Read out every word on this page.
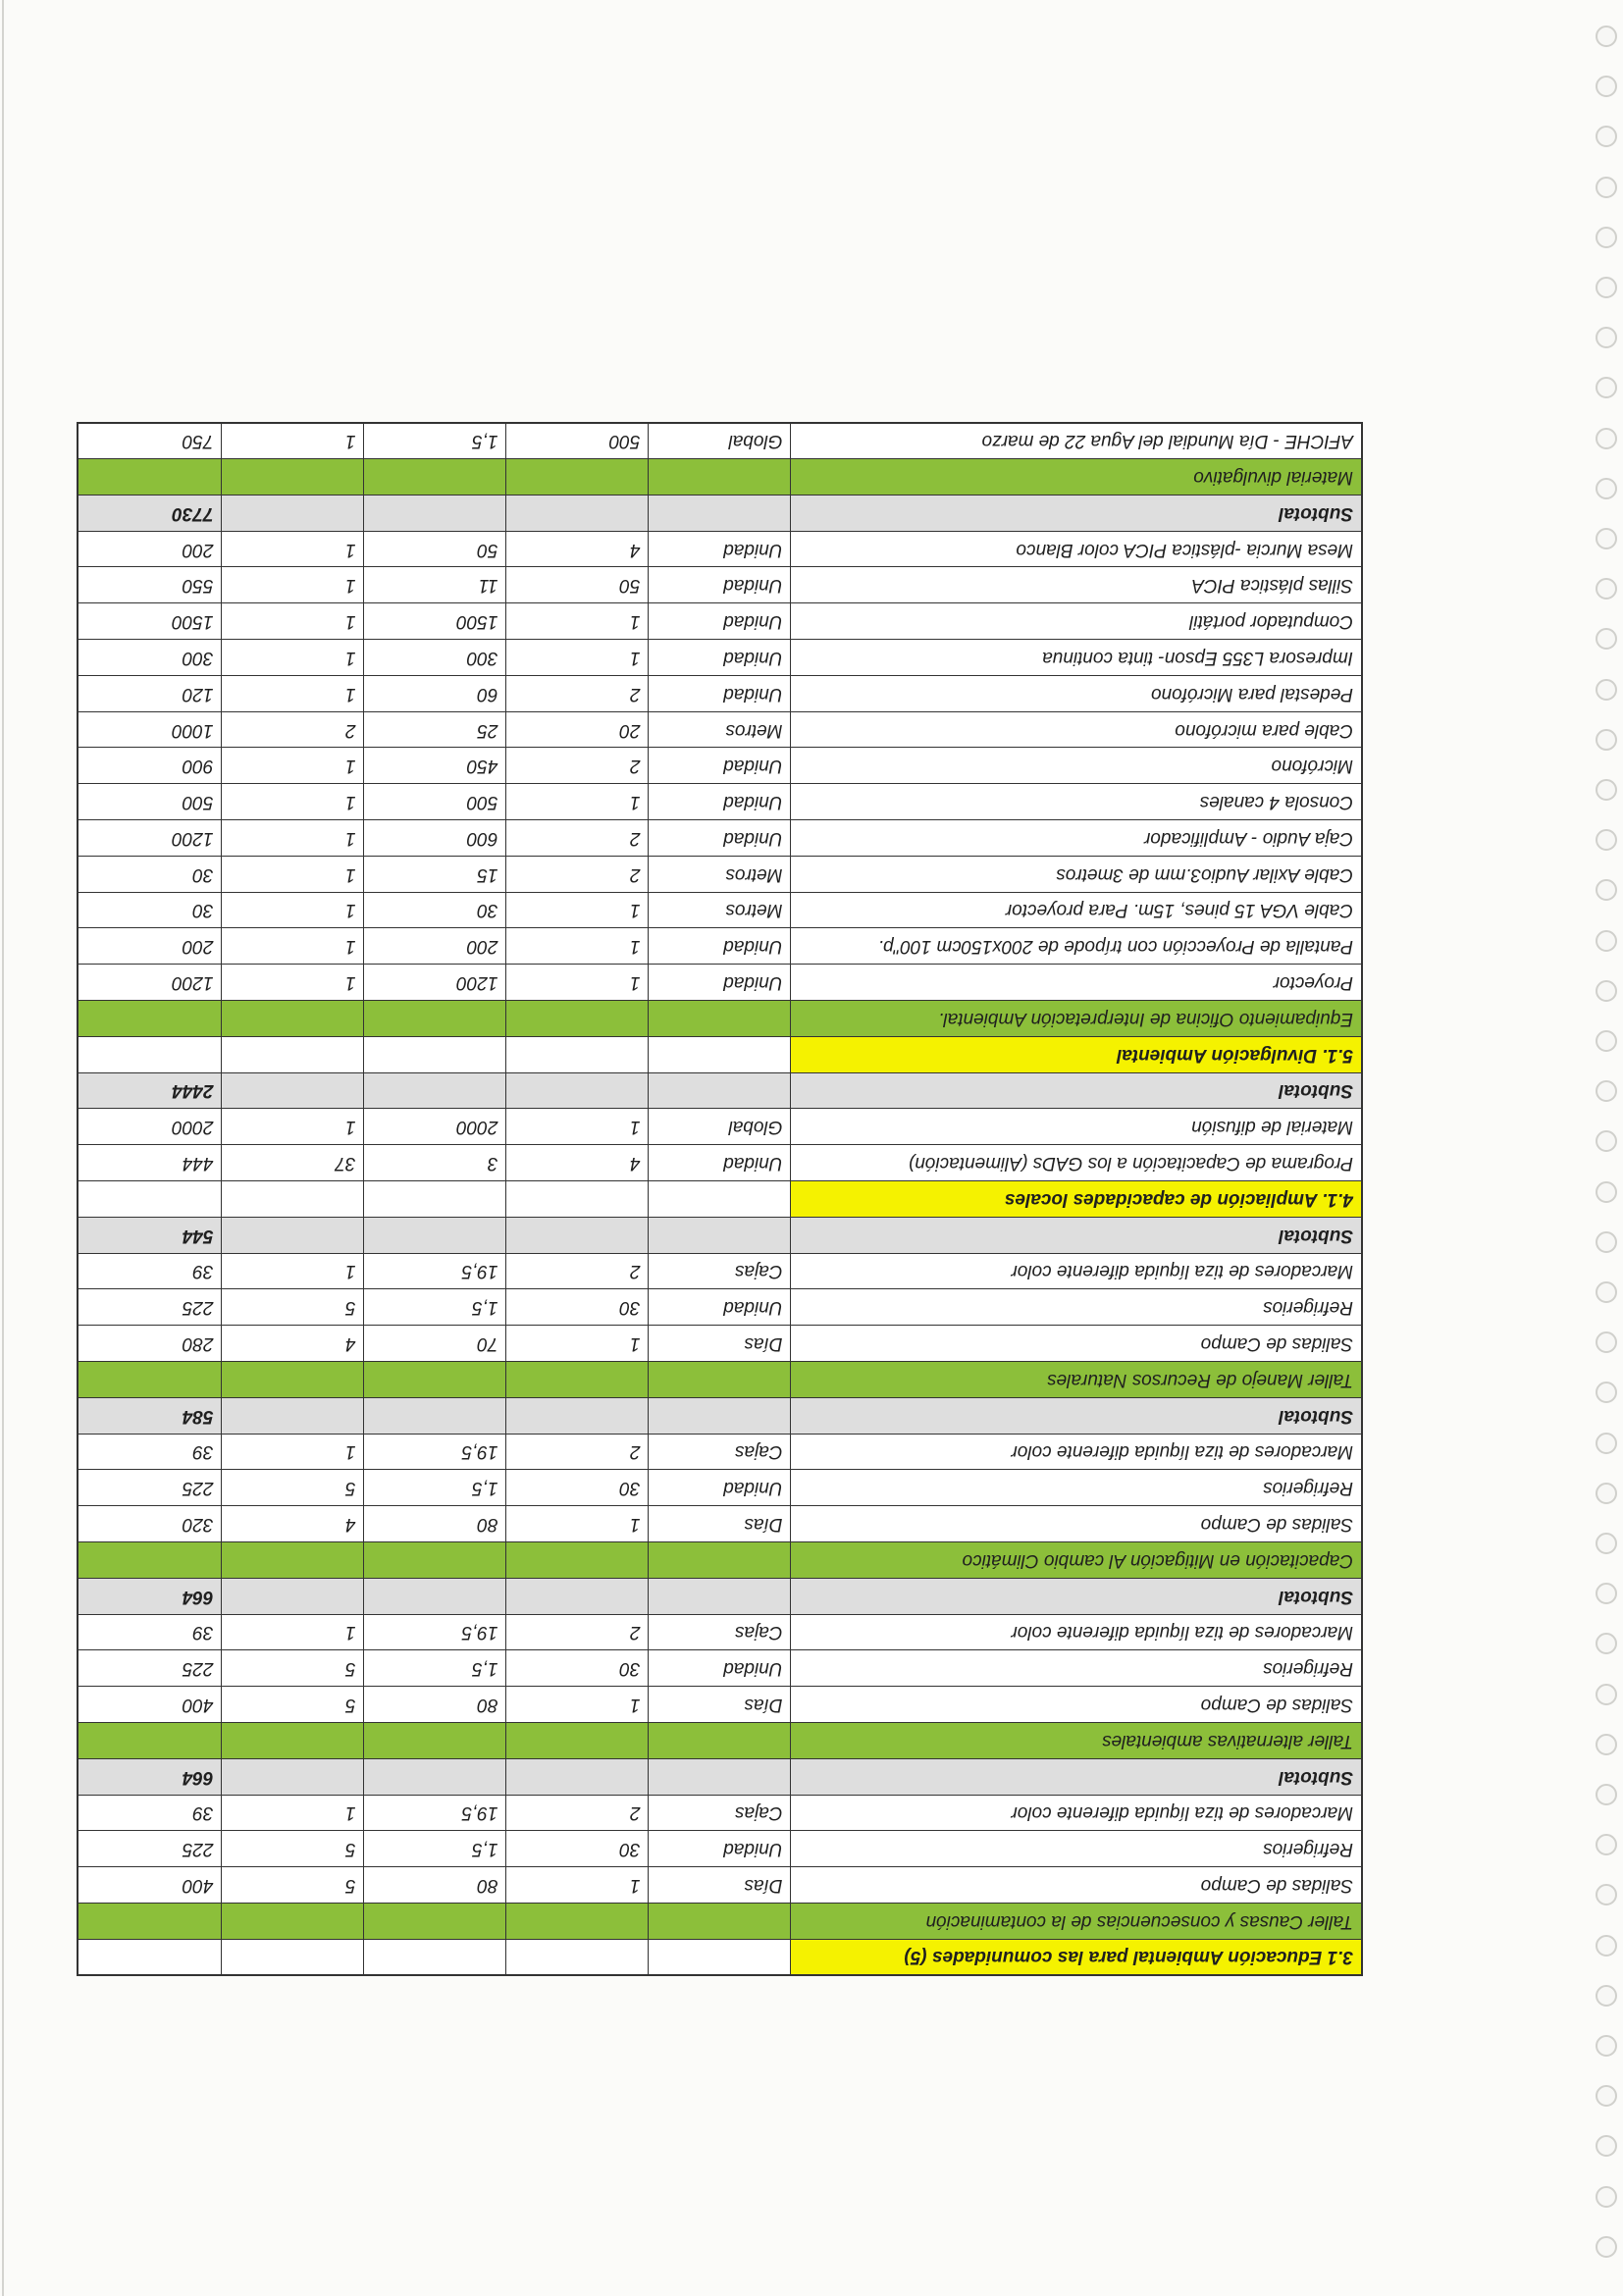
3.1 Educación Ambiental para las comunidades (5)					
Taller Causas y consecuencias de la contaminación					
Salidas de Campo	Días	1	80	5	400
Refrigerios	Unidad	30	1,5	5	225
Marcadores de tiza líquida diferente color	Cajas	2	19,5	1	39
Subtotal					664
Taller alternativas ambientales					
Salidas de Campo	Días	1	80	5	400
Refrigerios	Unidad	30	1,5	5	225
Marcadores de tiza líquida diferente color	Cajas	2	19,5	1	39
Subtotal					664
Capacitación en Mitigación Al cambio Climático					
Salidas de Campo	Días	1	80	4	320
Refrigerios	Unidad	30	1,5	5	225
Marcadores de tiza líquida diferente color	Cajas	2	19,5	1	39
Subtotal					584
Taller Manejo de Recursos Naturales					
Salidas de Campo	Días	1	70	4	280
Refrigerios	Unidad	30	1,5	5	225
Marcadores de tiza líquida diferente color	Cajas	2	19,5	1	39
Subtotal					544
4.1. Ampliación de capacidades locales					
Programa de Capacitación a los GADs (Alimentación)	Unidad	4	3	37	444
Material de difusión	Global	1	2000	1	2000
Subtotal					2444
5.1. Divulgación Ambiental					
Equipamiento Oficina de Interpretación Ambiental.					
Proyector	Unidad	1	1200	1	1200
Pantalla de Proyección con trípode de 200x150cm 100"p.	Unidad	1	200	1	200
Cable VGA 15 pines, 15m. Para proyector	Metros	1	30	1	30
Cable Axilar Audio3.mm de 3metros	Metros	2	15	1	30
Caja Audio - Amplificador	Unidad	2	600	1	1200
Consola 4 canales	Unidad	1	500	1	500
Micrófono	Unidad	2	450	1	900
Cable para micrófono	Metros	20	25	2	1000
Pedestal para Micrófono	Unidad	2	60	1	120
Impresora L355 Epson- tinta continua	Unidad	1	300	1	300
Computador portátil	Unidad	1	1500	1	1500
Sillas plástica PICA	Unidad	50	11	1	550
Mesa Murcia -plástica PICA color Blanco	Unidad	4	50	1	200
Subtotal					7730
Material divulgativo					
AFICHE - Día Mundial del Agua 22 de marzo	Global	500	1,5	1	750
